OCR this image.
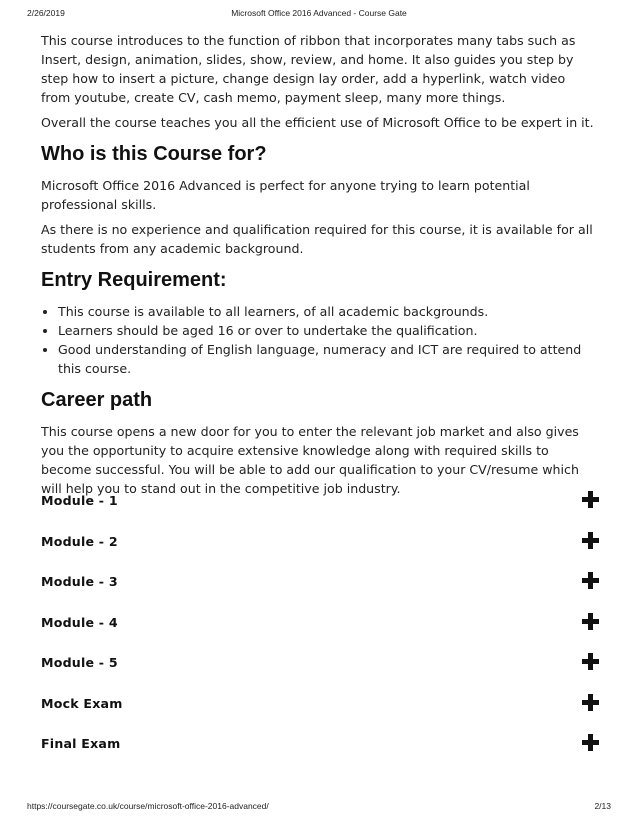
2/26/2019	Microsoft Office 2016 Advanced - Course Gate

This course introduces to the function of ribbon that incorporates many tabs such as Insert, design, animation, slides, show, review, and home. It also guides you step by step how to insert a picture, change design lay order, add a hyperlink, watch video from youtube, create CV, cash memo, payment sleep, many more things.

Overall the course teaches you all the efficient use of Microsoft Office to be expert in it.

Who is this Course for?

Microsoft Office 2016 Advanced is perfect for anyone trying to learn potential professional skills.

As there is no experience and qualification required for this course, it is available for all students from any academic background.

Entry Requirement:
• This course is available to all learners, of all academic backgrounds.
• Learners should be aged 16 or over to undertake the qualification.
• Good understanding of English language, numeracy and ICT are required to attend this course.
Career path

This course opens a new door for you to enter the relevant job market and also gives you the opportunity to acquire extensive knowledge along with required skills to become successful. You will be able to add our qualification to your CV/resume which will help you to stand out in the competitive job industry.

Module - 1
Module - 2
Module - 3
Module - 4
Module - 5
Mock Exam
Final Exam
https://coursegate.co.uk/course/microsoft-office-2016-advanced/	2/13
